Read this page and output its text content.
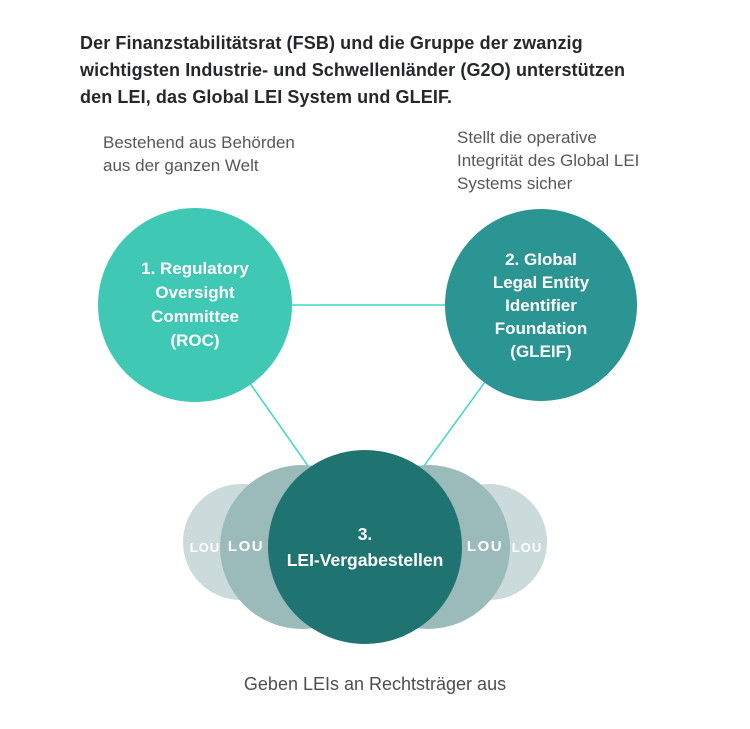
Der Finanzstabilitätsrat (FSB) und die Gruppe der zwanzig
wichtigsten Industrie- und Schwellenländer (G2O) unterstützen
den LEI, das Global LEI System und GLEIF.
Bestehend aus Behörden
aus der ganzen Welt
Stellt die operative
Integrität des Global LEI
Systems sicher
LOU LOU	LOU LOU
1. Regulatory
Oversight
Committee
(ROC)
2. Global
Legal Entity
Identifier
Foundation
(GLEIF)
3.
LEI-Vergabestellen
Geben LEIs an Rechtsträger aus
